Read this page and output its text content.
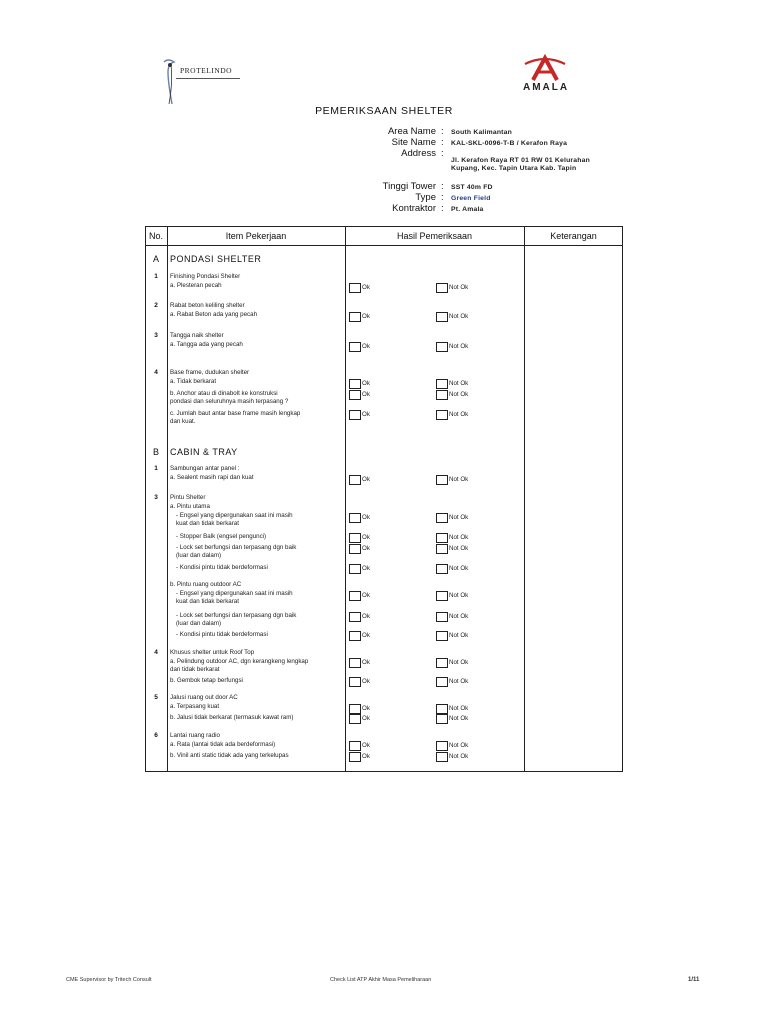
PROTELINDO
AMALA
PEMERIKSAAN SHELTER
Area Name : South Kalimantan
Site Name : KAL-SKL-0096-T-B / Kerafon Raya
Address :
Jl. Kerafon Raya RT 01 RW 01 Kelurahan
Kupang, Kec. Tapin Utara Kab. Tapin
Tinggi Tower : SST 40m FD
Type : Green Field
Kontraktor : Pt. Amala
No.	Item Pekerjaan	Hasil Pemeriksaan	Keterangan
A PONDASI SHELTER
1	Finishing Pondasi Shelter
a. Plesteran pecah	Ok	Not Ok
2	Rabat beton keliling shelter
a. Rabat Beton ada yang pecah	Ok	Not Ok
3	Tangga naik shelter
a. Tangga ada yang pecah	Ok	Not Ok
4	Base frame, dudukan shelter
a. Tidak berkarat	Ok	Not Ok
b. Anchor atau di dinabolt ke konstruksi
pondasi dan seluruhnya masih terpasang ?
Ok	Not Ok
c. Jumlah baut antar base frame masih lengkap
dan kuat.
Ok	Not Ok
B CABIN & TRAY
1	Sambungan antar panel :
a. Sealent masih rapi dan kuat	Ok	Not Ok
3	Pintu Shelter
a. Pintu utama
- Engsel yang dipergunakan saat ini masih
kuat dan tidak berkarat
Ok	Not Ok
- Stopper Balk (engsel pengunci)	Ok	Not Ok
- Lock set berfungsi dan terpasang dgn baik
(luar dan dalam)
Ok	Not Ok
- Kondisi pintu tidak berdeformasi	Ok	Not Ok
b. Pintu ruang outdoor AC
- Engsel yang dipergunakan saat ini masih
kuat dan tidak berkarat
Ok	Not Ok
- Lock set berfungsi dan terpasang dgn baik
(luar dan dalam)
Ok	Not Ok
- Kondisi pintu tidak berdeformasi	Ok	Not Ok
4	Khusus shelter untuk Roof Top
a. Pelindung outdoor AC, dgn kerangkeng lengkap
dan tidak berkarat
Ok	Not Ok
b. Gembok tetap berfungsi	Ok	Not Ok
5	Jalusi ruang out door AC
a. Terpasang kuat	Ok	Not Ok
b. Jalusi tidak berkarat (termasuk kawat ram)	Ok	Not Ok
6	Lantai ruang radio
a. Rata (lantai tidak ada berdeformasi)	Ok	Not Ok
b. Vinil anti static tidak ada yang terkelupas	Ok	Not Ok
CME Supervisor by Tritech Consult	Check List ATP Akhir Masa Pemeliharaan	1/11
